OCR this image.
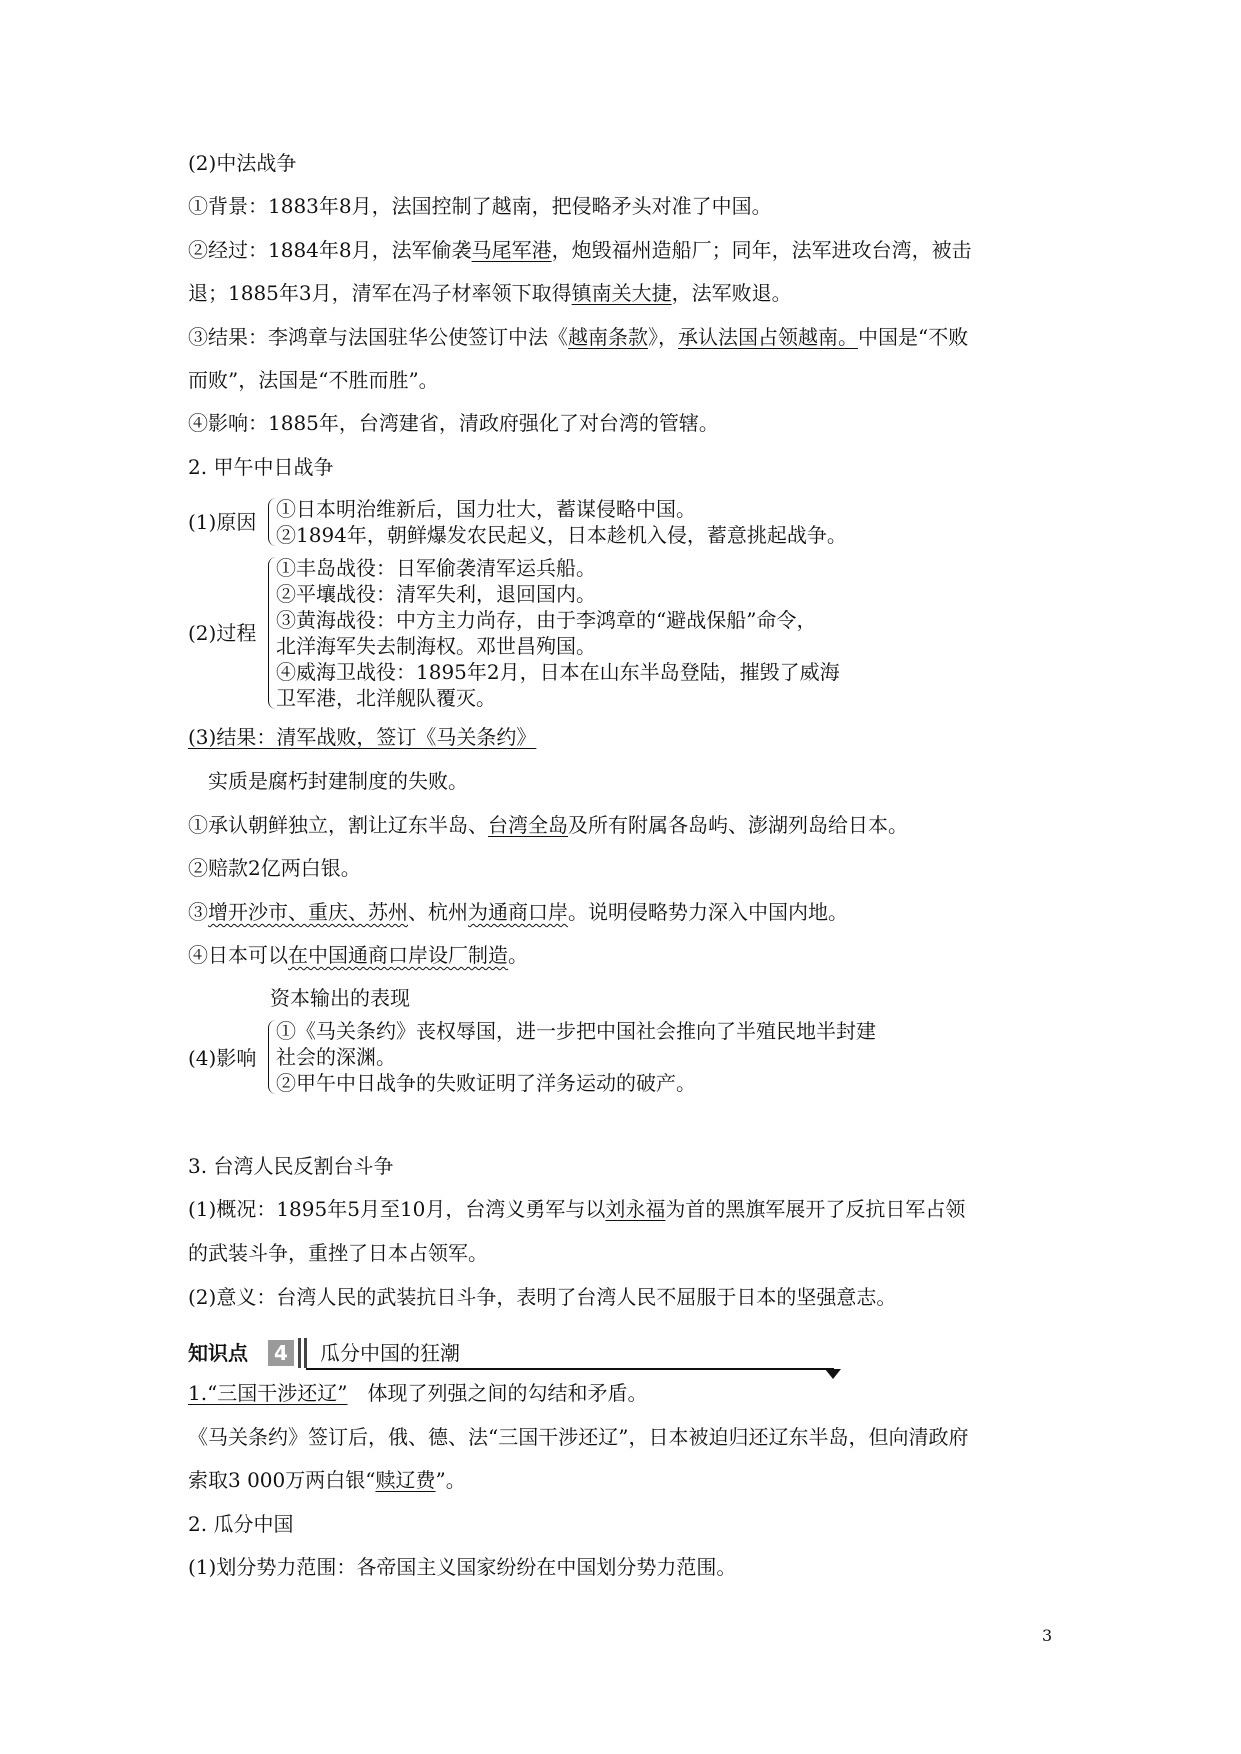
(2)中法战争
①背景：1883年8月，法国控制了越南，把侵略矛头对准了中国。
②经过：1884年8月，法军偷袭马尾军港，炮毁福州造船厂；同年，法军进攻台湾，被击
退；1885年3月，清军在冯子材率领下取得镇南关大捷，法军败退。
③结果：李鸿章与法国驻华公使签订中法《越南条款》，承认法国占领越南。中国是“不败
而败”，法国是“不胜而胜”。
④影响：1885年，台湾建省，清政府强化了对台湾的管辖。
2. 甲午中日战争
(1)原因
①日本明治维新后，国力壮大，蓄谋侵略中国。
②1894年，朝鲜爆发农民起义，日本趁机入侵，蓄意挑起战争。
(2)过程
①丰岛战役：日军偷袭清军运兵船。
②平壤战役：清军失利，退回国内。
③黄海战役：中方主力尚存，由于李鸿章的“避战保船”命令，
北洋海军失去制海权。邓世昌殉国。
④威海卫战役：1895年2月，日本在山东半岛登陆，摧毁了威海
卫军港，北洋舰队覆灭。
(3)结果：清军战败，签订《马关条约》
实质是腐朽封建制度的失败。
①承认朝鲜独立，割让辽东半岛、台湾全岛及所有附属各岛屿、澎湖列岛给日本。
②赔款2亿两白银。
③增开沙市、重庆、苏州、杭州为通商口岸。说明侵略势力深入中国内地。
④日本可以在中国通商口岸设厂制造。
资本输出的表现
(4)影响
①《马关条约》丧权辱国，进一步把中国社会推向了半殖民地半封建
社会的深渊。
②甲午中日战争的失败证明了洋务运动的破产。
3. 台湾人民反割台斗争
(1)概况：1895年5月至10月，台湾义勇军与以刘永福为首的黑旗军展开了反抗日军占领
的武装斗争，重挫了日本占领军。
(2)意义：台湾人民的武装抗日斗争，表明了台湾人民不屈服于日本的坚强意志。
知识点	4	瓜分中国的狂潮
1.“三国干涉还辽”　体现了列强之间的勾结和矛盾。
《马关条约》签订后，俄、德、法“三国干涉还辽”，日本被迫归还辽东半岛，但向清政府
索取3 000万两白银“赎辽费”。
2. 瓜分中国
(1)划分势力范围：各帝国主义国家纷纷在中国划分势力范围。
3
